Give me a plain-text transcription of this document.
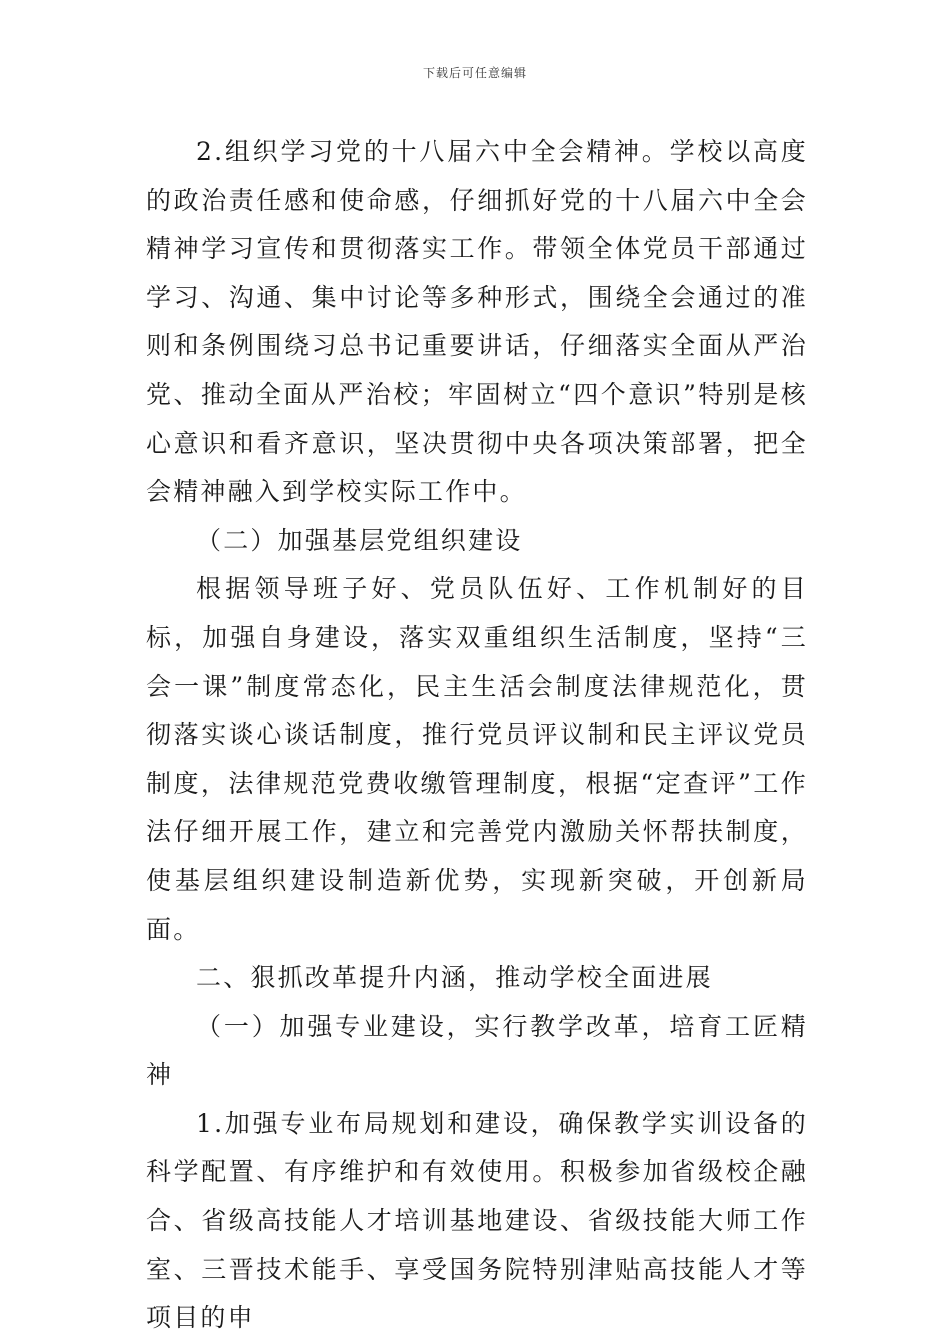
下载后可任意编辑

2.组织学习党的十八届六中全会精神。学校以高度的政治责任感和使命感，仔细抓好党的十八届六中全会精神学习宣传和贯彻落实工作。带领全体党员干部通过学习、沟通、集中讨论等多种形式，围绕全会通过的准则和条例围绕习总书记重要讲话，仔细落实全面从严治党、推动全面从严治校；牢固树立“四个意识”特别是核心意识和看齐意识，坚决贯彻中央各项决策部署，把全会精神融入到学校实际工作中。

（二）加强基层党组织建设

根据领导班子好、党员队伍好、工作机制好的目标，加强自身建设，落实双重组织生活制度，坚持“三会一课”制度常态化，民主生活会制度法律规范化，贯彻落实谈心谈话制度，推行党员评议制和民主评议党员制度，法律规范党费收缴管理制度，根据“定查评”工作法仔细开展工作，建立和完善党内激励关怀帮扶制度，使基层组织建设制造新优势，实现新突破，开创新局面。

二、狠抓改革提升内涵，推动学校全面进展

（一）加强专业建设，实行教学改革，培育工匠精神

1.加强专业布局规划和建设，确保教学实训设备的科学配置、有序维护和有效使用。积极参加省级校企融合、省级高技能人才培训基地建设、省级技能大师工作室、三晋技术能手、享受国务院特别津贴高技能人才等项目的申
